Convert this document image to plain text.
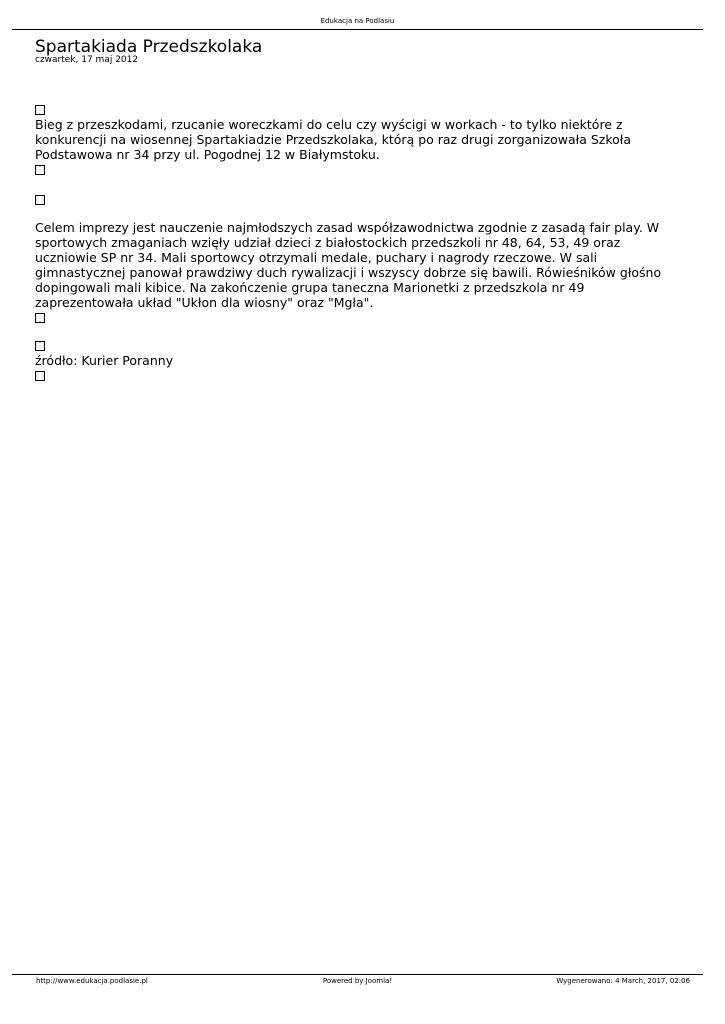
Edukacja na Podlasiu
Spartakiada Przedszkolaka
czwartek, 17 maj 2012

Bieg z przeszkodami, rzucanie woreczkami do celu czy wyścigi w workach - to tylko niektóre z konkurencji na wiosennej Spartakiadzie Przedszkolaka, którą po raz drugi zorganizowała Szkoła Podstawowa nr 34 przy ul. Pogodnej 12 w Białymstoku.

Celem imprezy jest nauczenie najmłodszych zasad współzawodnictwa zgodnie z zasadą fair play. W sportowych zmaganiach wzięły udział dzieci z białostockich przedszkoli nr 48, 64, 53, 49 oraz uczniowie SP nr 34. Mali sportowcy otrzymali medale, puchary i nagrody rzeczowe. W sali gimnastycznej panował prawdziwy duch rywalizacji i wszyscy dobrze się bawili. Rówieśników głośno dopingowali mali kibice. Na zakończenie grupa taneczna Marionetki z przedszkola nr 49 zaprezentowała układ "Ukłon dla wiosny" oraz "Mgła".

źródło: Kurier Poranny

http://www.edukacja.podlasie.pl	Powered by Joomla!	Wygenerowano: 4 March, 2017, 02:06
